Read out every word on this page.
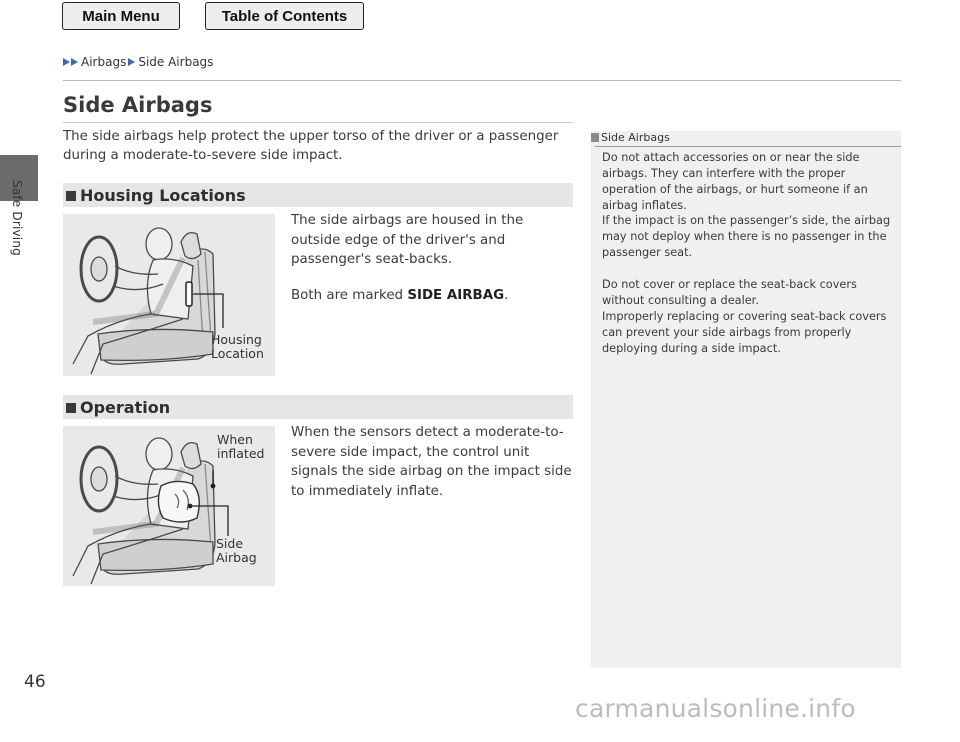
Main Menu	Table of Contents
Safe Driving
46
Airbags Side Airbags
Side Airbags
The side airbags help protect the upper torso of the driver or a passenger during a moderate-to-severe side impact.
Housing Locations
Housing
Location
The side airbags are housed in the outside edge of the driver's and passenger's seat-backs.
Both are marked SIDE AIRBAG.
Operation
When
inflated
Side
Airbag
When the sensors detect a moderate-to-severe side impact, the control unit signals the side airbag on the impact side to immediately inflate.
Side Airbags
Do not attach accessories on or near the side airbags. They can interfere with the proper operation of the airbags, or hurt someone if an airbag inflates.
If the impact is on the passenger’s side, the airbag may not deploy when there is no passenger in the passenger seat.
Do not cover or replace the seat-back covers without consulting a dealer.
Improperly replacing or covering seat-back covers can prevent your side airbags from properly deploying during a side impact.
carmanualsonline.info
